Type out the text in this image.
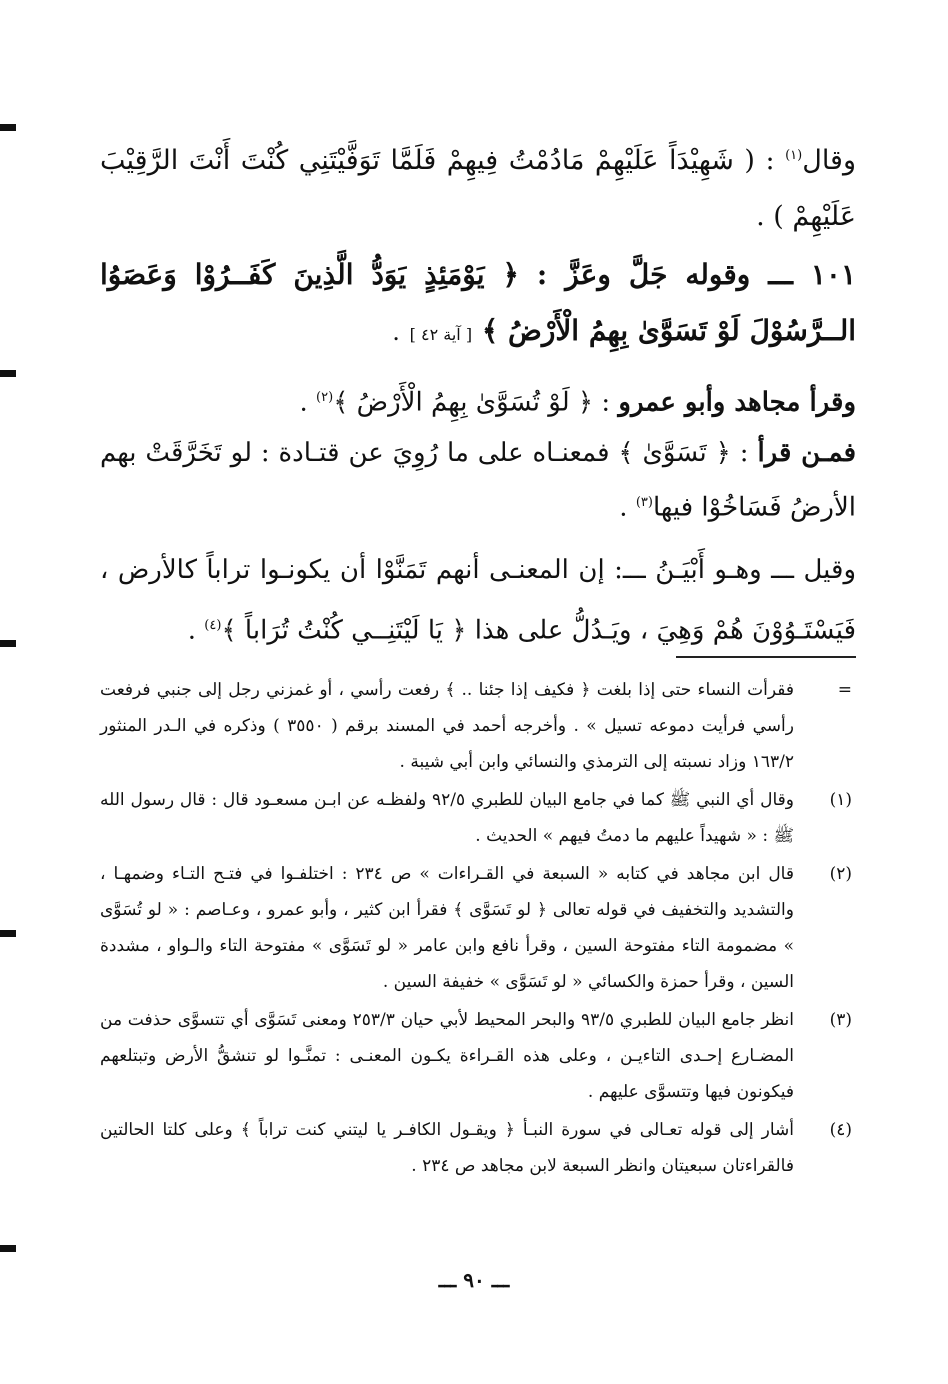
وقال$^{(١)}$ : ( شَهِيْدَاً عَلَيْهِمْ مَادُمْتُ فِيهِمْ فَلَمَّا تَوَفَّيْتَنِي كُنْتَ أَنْتَ الرَّقِيْبَ عَلَيْهِمْ ) .

١٠١ ـــ وقوله جَلَّ وعَزَّ : ﴿ يَوْمَئِذٍ يَوَدُّ الَّذِينَ كَفَــرُوْا وَعَصَوُا الــرَّسُوْلَ لَوْ تَسَوَّىٰ بِهِمُ الْأَرْضُ ﴾ [ آية ٤٢ ] .

وقرأ مجاهد وأبو عمرو : ﴿ لَوْ تُسَوَّىٰ بِهِمُ الْأَرْضُ ﴾$^{(٢)}$ .
فمـن قرأ : ﴿ تَسَوَّىٰ ﴾ فمعنـاه على ما رُوِيَ عن قتـادة : لو تَخَرَّقَتْ بهم الأرضُ فَسَاخُوْا فيها$^{(٣)}$ .

وقيل ـــ وهـو أَبْيَـنُ ـــ: إن المعنـى أنهم تَمَنَّوْا أن يكونـوا تراباً كالأرض ، فَيَسْتَـوُوْنَ هُمْ وَهِيَ ، ويَـدُلُّ على هذا ﴿ يَا لَيْتَنِــي كُنْتُ تُرَاباً ﴾$^{(٤)}$ .

=
فقرأت النساء حتى إذا بلغت ﴿ فكيف إذا جئنا .. ﴾ رفعت رأسي ، أو غمزني رجل إلى جنبي فرفعت رأسي فرأيت دموعه تسيل » . وأخرجه أحمد في المسند برقم ( ٣٥٥٠ ) وذكره في الـدر المنثور ١٦٣/٢ وزاد نسبته إلى الترمذي والنسائي وابن أبي شيبة .
(١)
وقال أي النبي ﷺ كما في جامع البيان للطبري ٩٢/٥ ولفظـه عن ابـن مسعـود قال : قال رسول الله ﷺ : « شهيداً عليهم ما دمتُ فيهم » الحديث .
(٢)
قال ابن مجاهد في كتابه « السبعة في القـراءات » ص ٢٣٤ : اختلفـوا في فتـح التـاء وضمهـا ، والتشديد والتخفيف في قوله تعالى ﴿ لو تَسَوَّى ﴾ فقرأ ابن كثير ، وأبو عمرو ، وعـاصم : « لو تُسَوَّى » مضمومة التاء مفتوحة السين ، وقرأ نافع وابن عامر « لو تَسَوَّى » مفتوحة التاء والـواو ، مشددة السين ، وقرأ حمزة والكسائي « لو تَسَوَّى » خفيفة السين .
(٣)
انظر جامع البيان للطبري ٩٣/٥ والبحر المحيط لأبي حيان ٢٥٣/٣ ومعنى تَسَوَّى أي تتسوَّى حذفت من المضـارع إحـدى التاءيـن ، وعلى هذه القـراءة يكـون المعنـى : تمنَّـوا لو تنشقُّ الأرض وتبتلعهم فيكونون فيها وتتسوَّى عليهم .
(٤)
أشار إلى قوله تعـالى في سورة النبـأ ﴿ ويقـول الكافـر يا ليتني كنت تراباً ﴾ وعلى كلتا الحالتين فالقراءتان سبعيتان وانظر السبعة لابن مجاهد ص ٢٣٤ .
ـــ ٩٠ ـــ
